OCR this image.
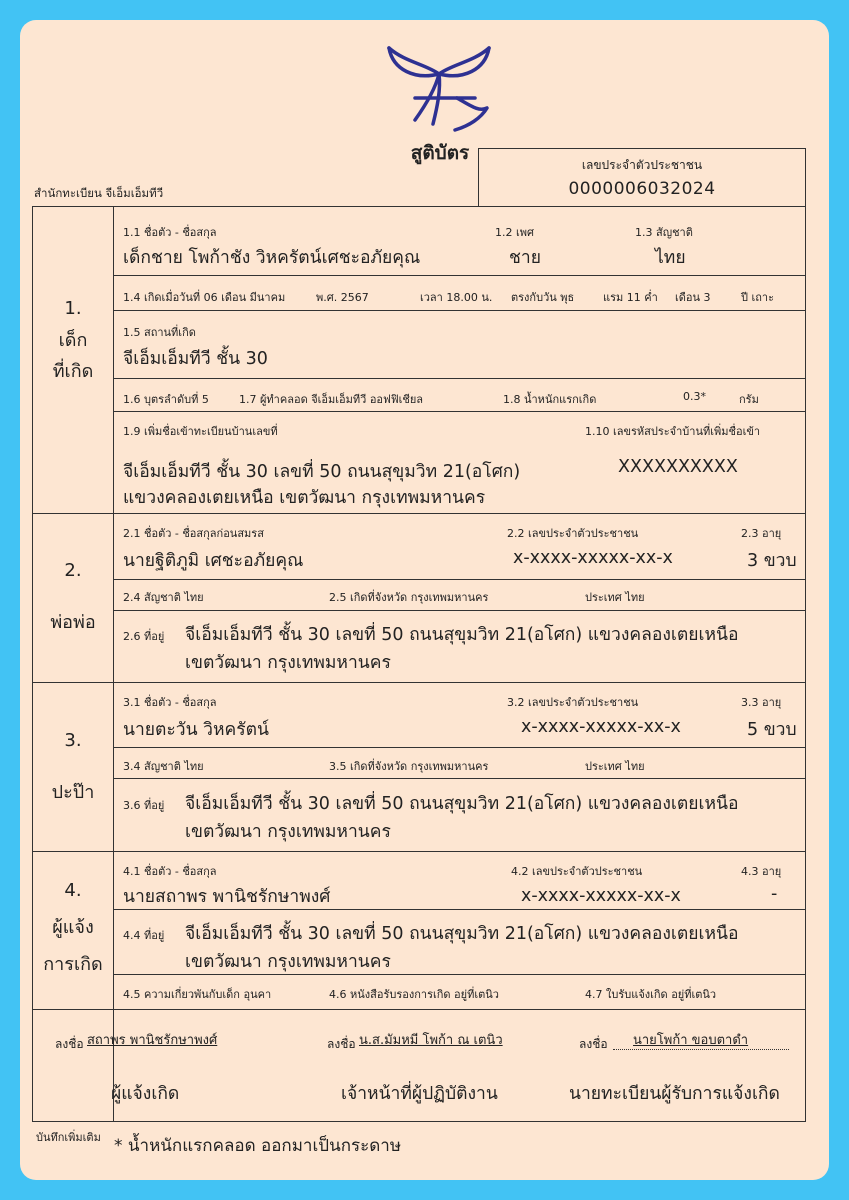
สูติบัตร
สำนักทะเบียน จีเอ็มเอ็มทีวี
เลขประจำตัวประชาชน
0000006032024
1.
เด็ก
ที่เกิด
2.
พ่อพ่อ
3.
ปะป๊า
4.
ผู้แจ้ง
การเกิด
1.1 ชื่อตัว - ชื่อสกุล	1.2 เพศ	1.3 สัญชาติ
เด็กชาย โพก้าชัง วิหครัตน์เศชะอภัยคุณ	ชาย	ไทย
1.4 เกิดเมื่อวันที่ 06 เดือน มีนาคม	พ.ศ. 2567	เวลา 18.00 น. ตรงกับวัน พุธ	แรม 11 ค่ำ เดือน 3	ปี เถาะ
1.5 สถานที่เกิด
จีเอ็มเอ็มทีวี ชั้น 30
1.6 บุตรลำดับที่ 5	1.7 ผู้ทำคลอด จีเอ็มเอ็มทีวี ออฟฟิเชียล	1.8 น้ำหนักแรกเกิด	0.3*	กรัม
1.9 เพิ่มชื่อเข้าทะเบียนบ้านเลขที่	1.10 เลขรหัสประจำบ้านที่เพิ่มชื่อเข้า
จีเอ็มเอ็มทีวี ชั้น 30 เลขที่ 50 ถนนสุขุมวิท 21(อโศก)	XXXXXXXXXX
แขวงคลองเตยเหนือ เขตวัฒนา กรุงเทพมหานคร
2.1 ชื่อตัว - ชื่อสกุลก่อนสมรส	2.2 เลขประจำตัวประชาชน	2.3 อายุ
นายฐิติภูมิ เศชะอภัยคุณ	x-xxxx-xxxxx-xx-x	3 ขวบ
2.4 สัญชาติ ไทย	2.5 เกิดที่จังหวัด กรุงเทพมหานคร	ประเทศ ไทย
2.6 ที่อยู่ จีเอ็มเอ็มทีวี ชั้น 30 เลขที่ 50 ถนนสุขุมวิท 21(อโศก) แขวงคลองเตยเหนือ
เขตวัฒนา กรุงเทพมหานคร
3.1 ชื่อตัว - ชื่อสกุล	3.2 เลขประจำตัวประชาชน	3.3 อายุ
นายตะวัน วิหครัตน์	x-xxxx-xxxxx-xx-x	5 ขวบ
3.4 สัญชาติ ไทย	3.5 เกิดที่จังหวัด กรุงเทพมหานคร	ประเทศ ไทย
3.6 ที่อยู่ จีเอ็มเอ็มทีวี ชั้น 30 เลขที่ 50 ถนนสุขุมวิท 21(อโศก) แขวงคลองเตยเหนือ
เขตวัฒนา กรุงเทพมหานคร
4.1 ชื่อตัว - ชื่อสกุล	4.2 เลขประจำตัวประชาชน	4.3 อายุ
นายสถาพร พานิชรักษาพงศ์	x-xxxx-xxxxx-xx-x	-
4.4 ที่อยู่ จีเอ็มเอ็มทีวี ชั้น 30 เลขที่ 50 ถนนสุขุมวิท 21(อโศก) แขวงคลองเตยเหนือ
เขตวัฒนา กรุงเทพมหานคร
4.5 ความเกี่ยวพันกับเด็ก อุนคา	4.6 หนังสือรับรองการเกิด อยู่ที่เตนิว	4.7 ใบรับแจ้งเกิด อยู่ที่เตนิว
ลงชื่อ สถาพร พานิชรักษาพงศ์	ลงชื่อ น.ส.มัมหมี โพก้า ณ เตนิว	ลงชื่อ นายโพก้า ขอบตาดำ
ผู้แจ้งเกิด	เจ้าหน้าที่ผู้ปฏิบัติงาน	นายทะเบียนผู้รับการแจ้งเกิด
บันทึกเพิ่มเติม * น้ำหนักแรกคลอด ออกมาเป็นกระดาษ
